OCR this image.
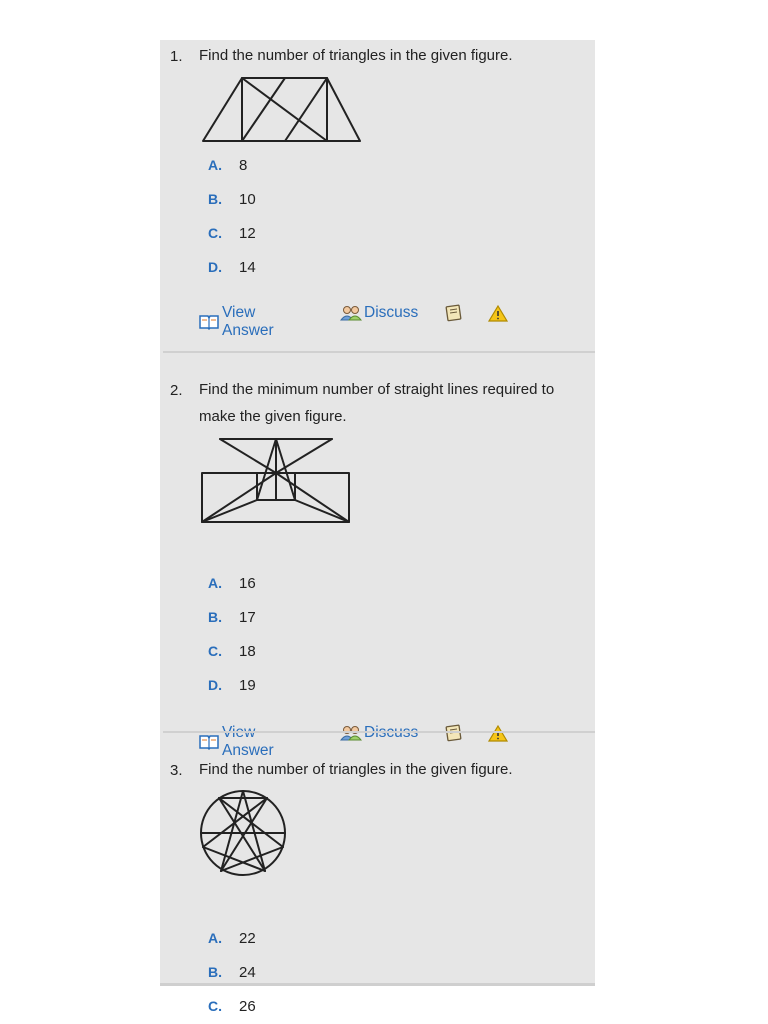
1. Find the number of triangles in the given figure.
A. 8
B. 10
C. 12
D. 14
View Answer
Discuss
2. Find the minimum number of straight lines required to make the given figure.
A. 16
B. 17
C. 18
D. 19
Answer
3. Find the number of triangles in the given figure.
A. 22
B. 24
C. 26
